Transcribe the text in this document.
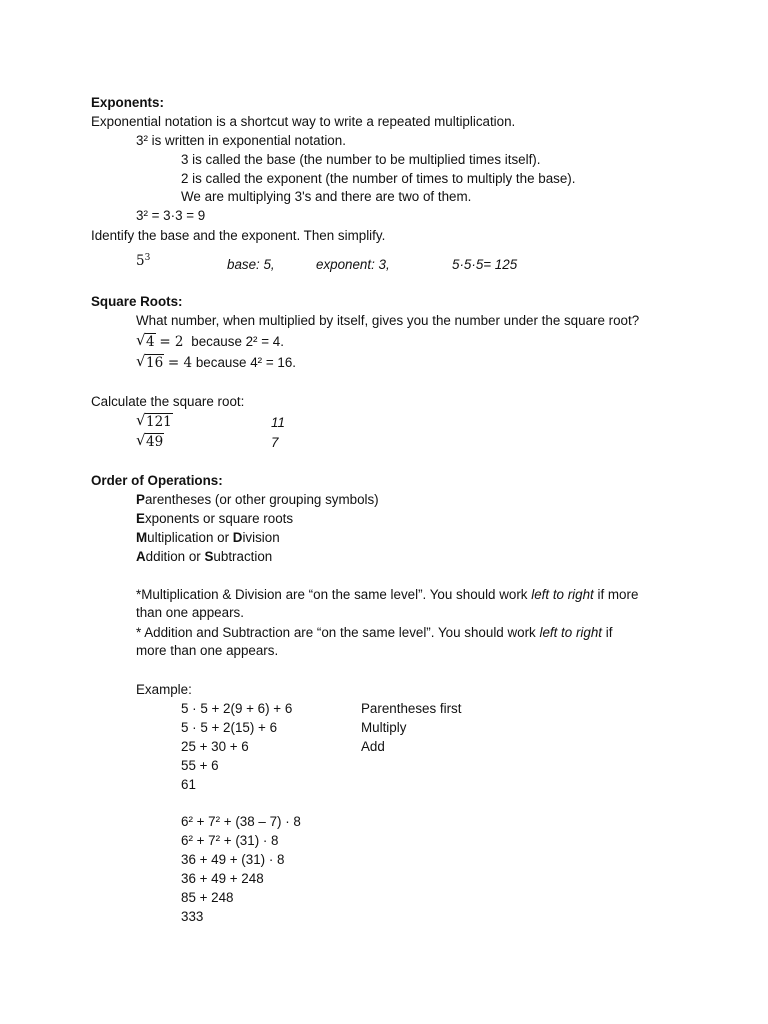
Exponents:
Exponential notation is a shortcut way to write a repeated multiplication.
3² is written in exponential notation.
3 is called the base (the number to be multiplied times itself).
2 is called the exponent (the number of times to multiply the base).
We are multiplying 3's and there are two of them.
3² = 3·3 = 9
Identify the base and the exponent. Then simplify.
$5^3$	base: 5,	exponent: 3,	5·5·5= 125
Square Roots:
What number, when multiplied by itself, gives you the number under the square root?
√ 4 = 2 because 2² = 4.
√ 16 = 4 because 4² = 16.
Calculate the square root:
√ 121	11
√ 49	7
Order of Operations:
Parentheses (or other grouping symbols)
Exponents or square roots
Multiplication or Division
Addition or Subtraction
*Multiplication & Division are “on the same level”. You should work left to right if more
than one appears.
* Addition and Subtraction are “on the same level”. You should work left to right if
more than one appears.
Example:
5 · 5 + 2(9 + 6) + 6	Parentheses first
5 · 5 + 2(15) + 6	Multiply
25 + 30 + 6	Add
55 + 6
61
6² + 7² + (38 – 7) · 8
6² + 7² + (31) · 8
36 + 49 + (31) · 8
36 + 49 + 248
85 + 248
333
